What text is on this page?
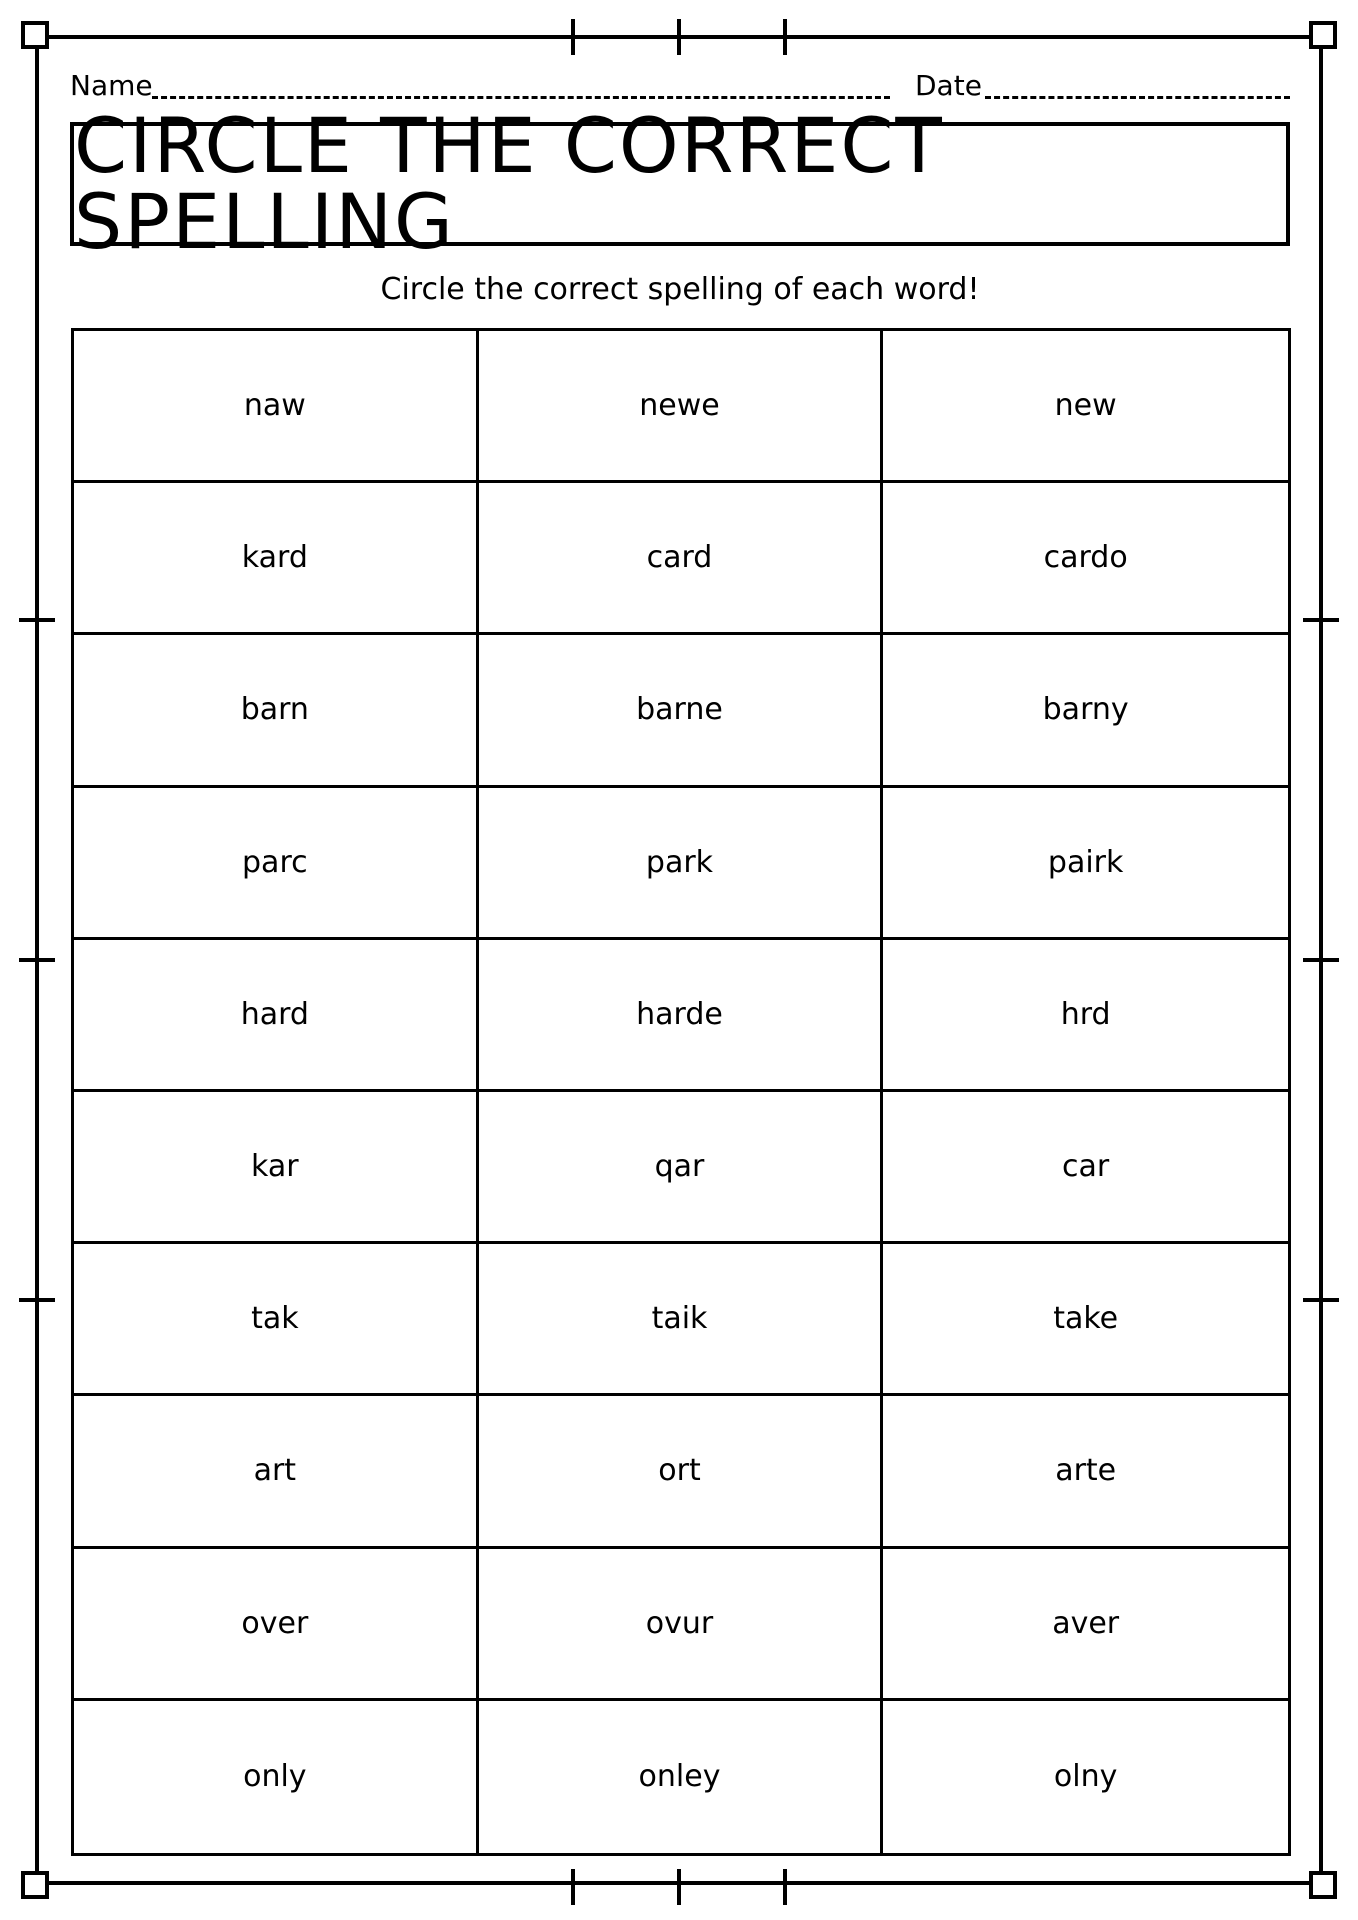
Name	Date
CIRCLE THE CORRECT SPELLING
Circle the correct spelling of each word!
naw	newe	new
kard	card	cardo
barn	barne	barny
parc	park	pairk
hard	harde	hrd
kar	qar	car
tak	taik	take
art	ort	arte
over	ovur	aver
only	onley	olny
